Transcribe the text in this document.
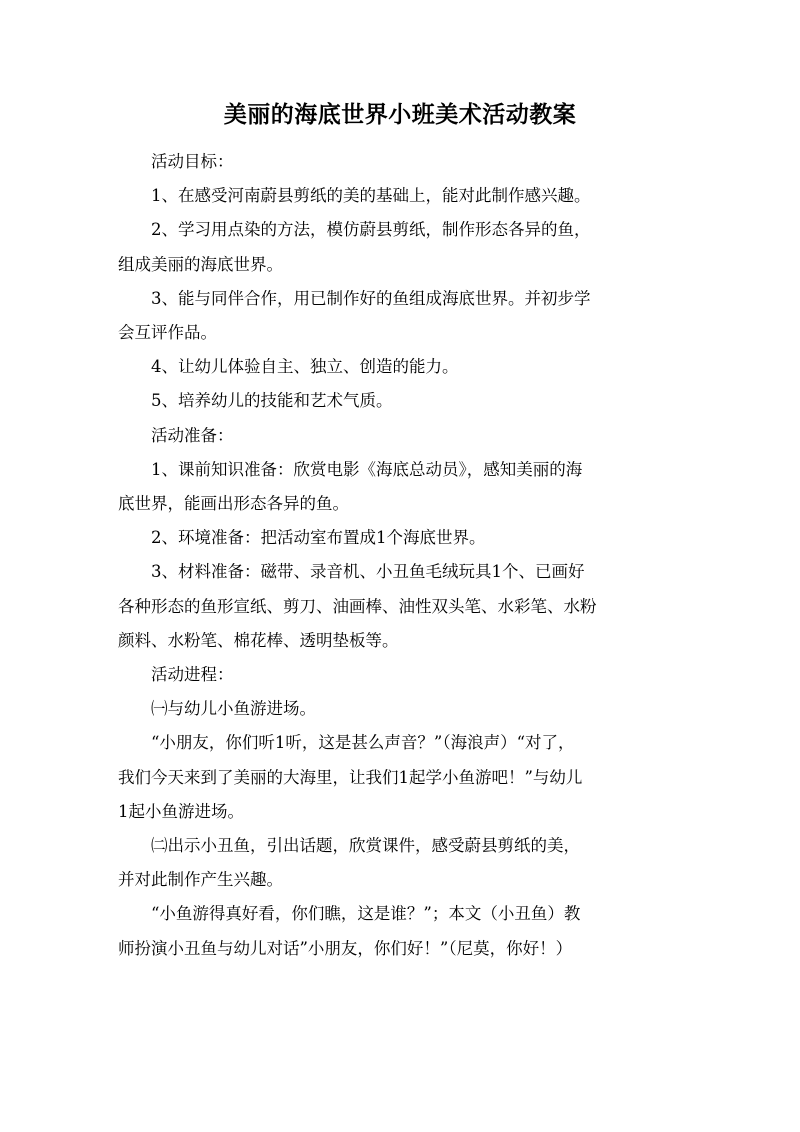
美丽的海底世界小班美术活动教案
活动目标：
1、在感受河南蔚县剪纸的美的基础上，能对此制作感兴趣。
2、学习用点染的方法，模仿蔚县剪纸，制作形态各异的鱼，
组成美丽的海底世界。
3、能与同伴合作，用已制作好的鱼组成海底世界。并初步学
会互评作品。
4、让幼儿体验自主、独立、创造的能力。
5、培养幼儿的技能和艺术气质。
活动准备：
1、课前知识准备：欣赏电影《海底总动员》，感知美丽的海
底世界，能画出形态各异的鱼。
2、环境准备：把活动室布置成1个海底世界。
3、材料准备：磁带、录音机、小丑鱼毛绒玩具1个、已画好
各种形态的鱼形宣纸、剪刀、油画棒、油性双头笔、水彩笔、水粉
颜料、水粉笔、棉花棒、透明垫板等。
活动进程：
㈠与幼儿小鱼游进场。
“小朋友，你们听1听，这是甚么声音？”（海浪声）“对了，
我们今天来到了美丽的大海里，让我们1起学小鱼游吧！”与幼儿
1起小鱼游进场。
㈡出示小丑鱼，引出话题，欣赏课件，感受蔚县剪纸的美，
并对此制作产生兴趣。
“小鱼游得真好看，你们瞧，这是谁？”；本文（小丑鱼）教
师扮演小丑鱼与幼儿对话”小朋友，你们好！”（尼莫，你好！）
